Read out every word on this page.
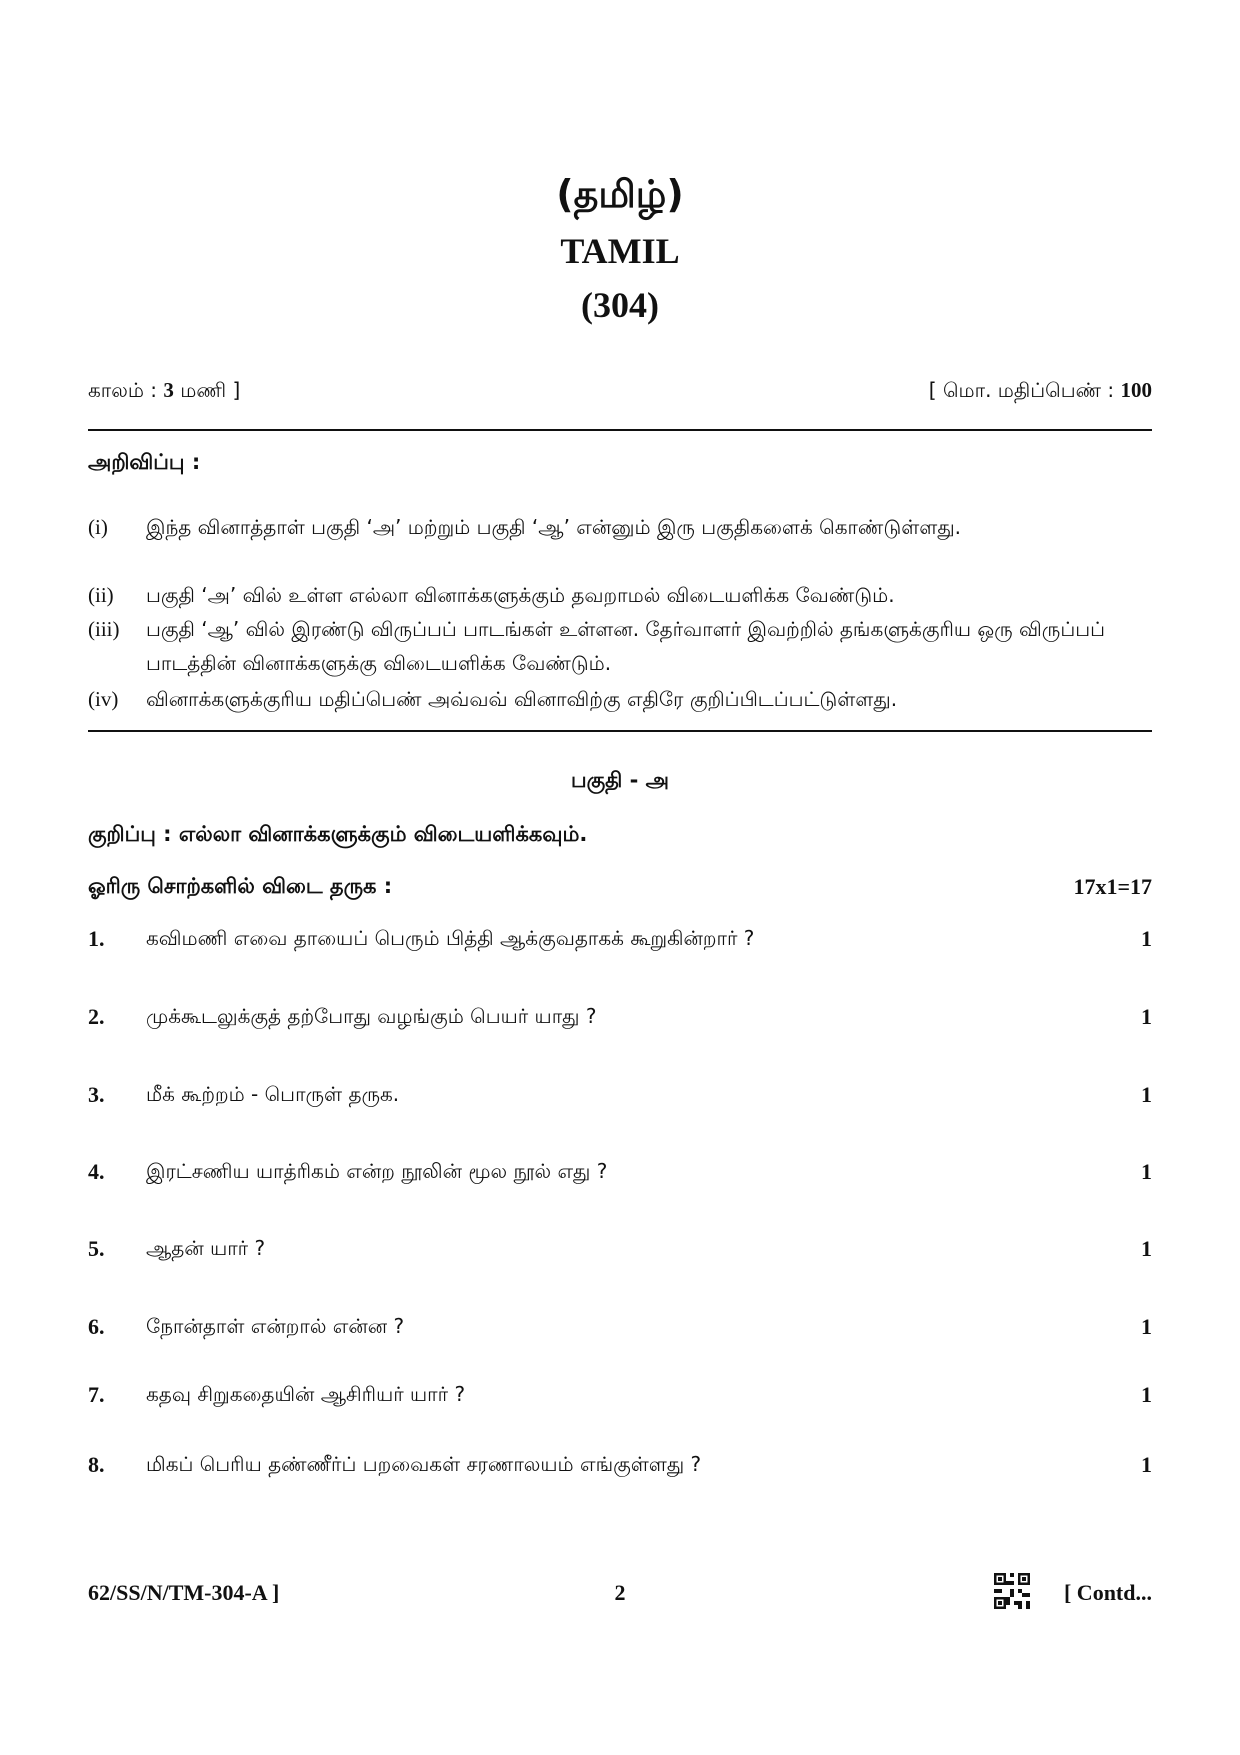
(தமிழ்)
TAMIL
(304)
காலம் : 3 மணி ]	[ மொ. மதிப்பெண் : 100
அறிவிப்பு :
(i) இந்த வினாத்தாள் பகுதி ‘அ’ மற்றும் பகுதி ‘ஆ’ என்னும் இரு பகுதிகளைக் கொண்டுள்ளது.
(ii) பகுதி ‘அ’ வில் உள்ள எல்லா வினாக்களுக்கும் தவறாமல் விடையளிக்க வேண்டும்.
(iii) பகுதி ‘ஆ’ வில் இரண்டு விருப்பப் பாடங்கள் உள்ளன. தேர்வாளர் இவற்றில் தங்களுக்குரிய ஒரு விருப்பப் பாடத்தின் வினாக்களுக்கு விடையளிக்க வேண்டும்.
(iv) வினாக்களுக்குரிய மதிப்பெண் அவ்வவ் வினாவிற்கு எதிரே குறிப்பிடப்பட்டுள்ளது.
பகுதி - அ
குறிப்பு : எல்லா வினாக்களுக்கும் விடையளிக்கவும்.
ஓரிரு சொற்களில் விடை தருக :	17x1=17
1. கவிமணி எவை தாயைப் பெரும் பித்தி ஆக்குவதாகக் கூறுகின்றார் ?	1
2. முக்கூடலுக்குத் தற்போது வழங்கும் பெயர் யாது ?	1
3. மீக் கூற்றம் - பொருள் தருக.	1
4. இரட்சணிய யாத்ரிகம் என்ற நூலின் மூல நூல் எது ?	1
5. ஆதன் யார் ?	1
6. நோன்தாள் என்றால் என்ன ?	1
7. கதவு சிறுகதையின் ஆசிரியர் யார் ?	1
8. மிகப் பெரிய தண்ணீர்ப் பறவைகள் சரணாலயம் எங்குள்ளது ?	1
62/SS/N/TM-304-A ]	2	[ Contd...
